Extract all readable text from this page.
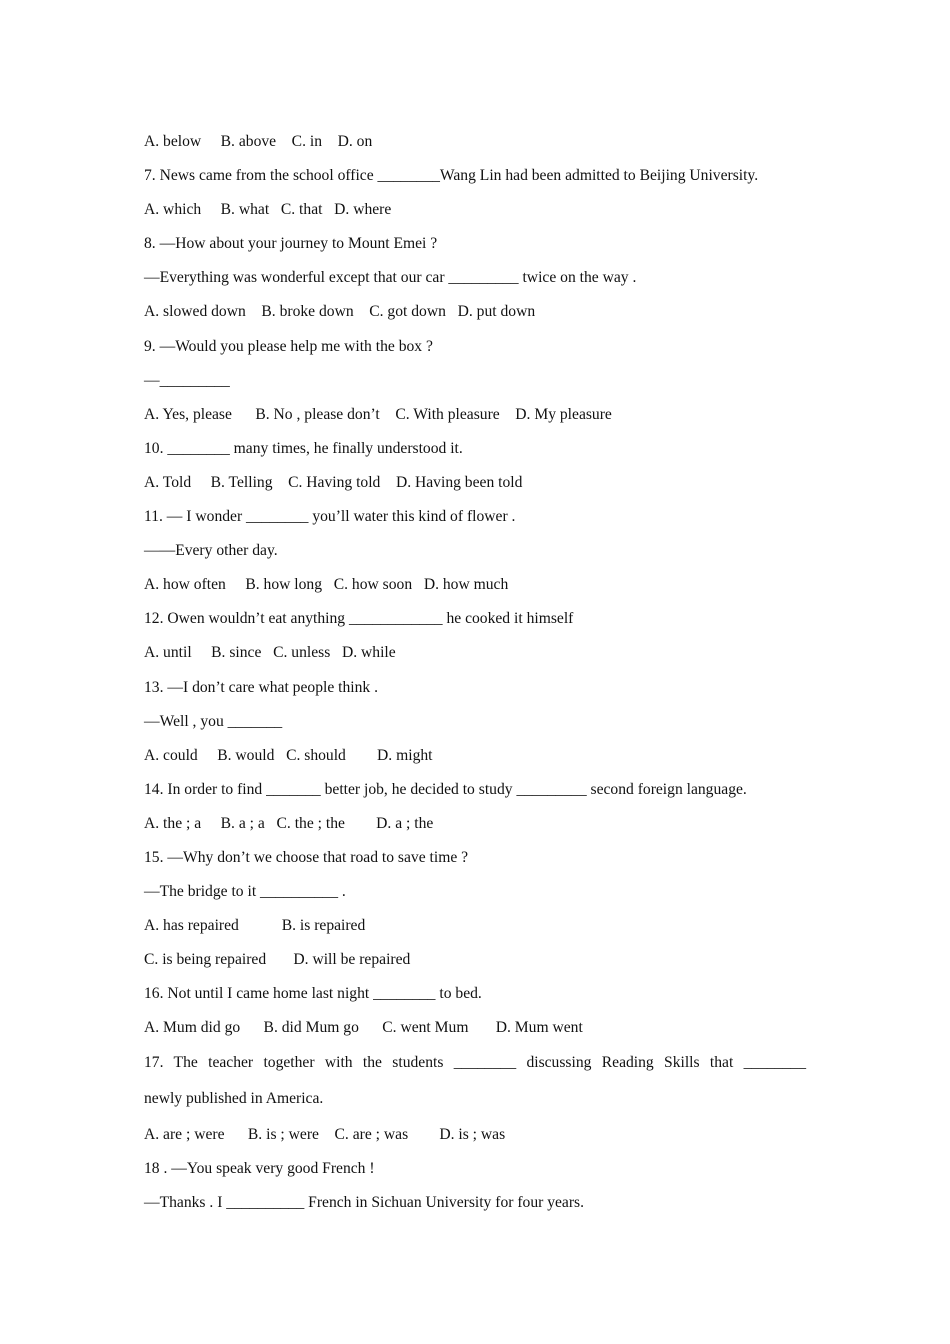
A. below     B. above    C. in    D. on
7. News came from the school office ________Wang Lin had been admitted to Beijing University.
A. which     B. what   C. that   D. where
8. —How about your journey to Mount Emei ?
—Everything was wonderful except that our car _________ twice on the way .
A. slowed down    B. broke down    C. got down   D. put down
9. —Would you please help me with the box ?
—_________
A. Yes, please      B. No , please don’t    C. With pleasure    D. My pleasure
10. ________ many times, he finally understood it.
A. Told     B. Telling    C. Having told    D. Having been told
11. — I wonder ________ you’ll water this kind of flower .
——Every other day.
A. how often     B. how long   C. how soon   D. how much
12. Owen wouldn’t eat anything ____________ he cooked it himself
A. until     B. since   C. unless   D. while
13. —I don’t care what people think .
—Well , you _______
A. could     B. would   C. should        D. might
14. In order to find _______ better job, he decided to study _________ second foreign language.
A. the ; a     B. a ; a   C. the ; the        D. a ; the
15. —Why don’t we choose that road to save time ?
—The bridge to it __________ .
A. has repaired           B. is repaired
C. is being repaired       D. will be repaired
16. Not until I came home last night ________ to bed.
A. Mum did go      B. did Mum go      C. went Mum       D. Mum went
17. The teacher together with the students ________ discussing Reading Skills that ________
newly published in America.
A. are ; were      B. is ; were    C. are ; was        D. is ; was
18 . —You speak very good French !
—Thanks . I __________ French in Sichuan University for four years.
